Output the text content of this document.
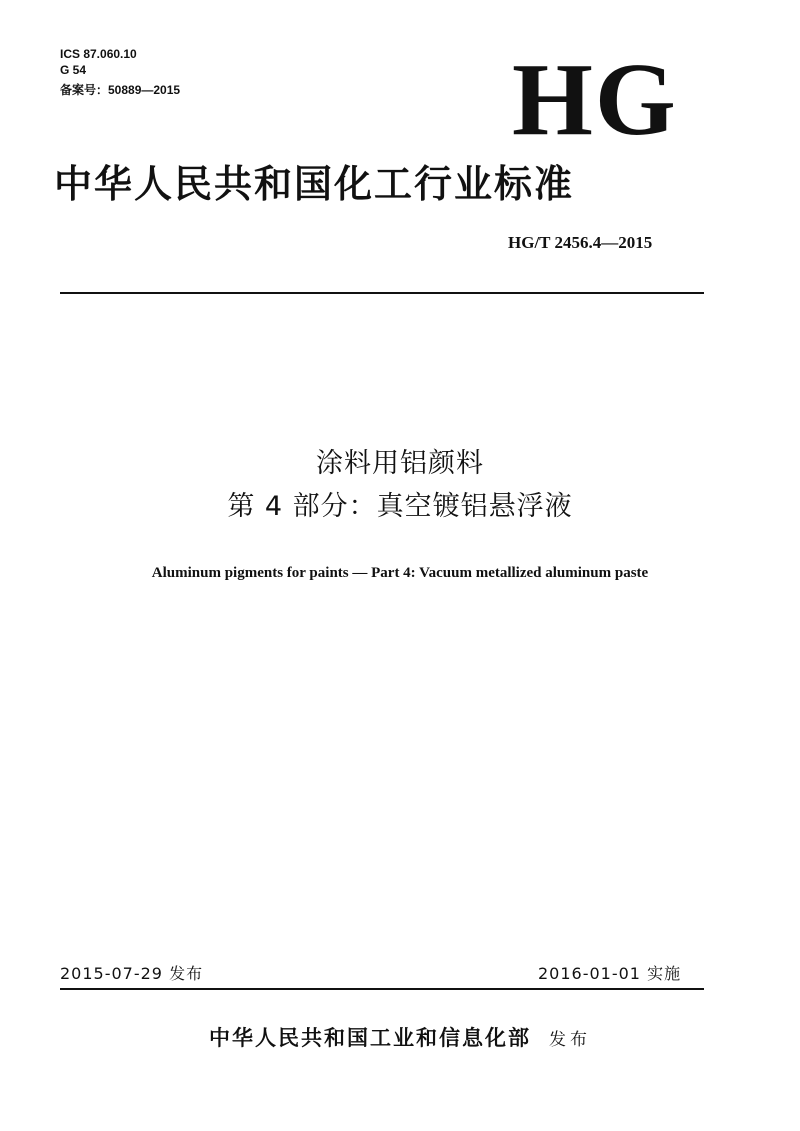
ICS 87.060.10
G 54
备案号：50889—2015	HG
中华人民共和国化工行业标准
HG/T 2456.4—2015
涂料用铝颜料
第 4 部分：真空镀铝悬浮液
Aluminum pigments for paints — Part 4: Vacuum metallized aluminum paste
2015-07-29 发布	2016-01-01 实施
中华人民共和国工业和信息化部 发布
